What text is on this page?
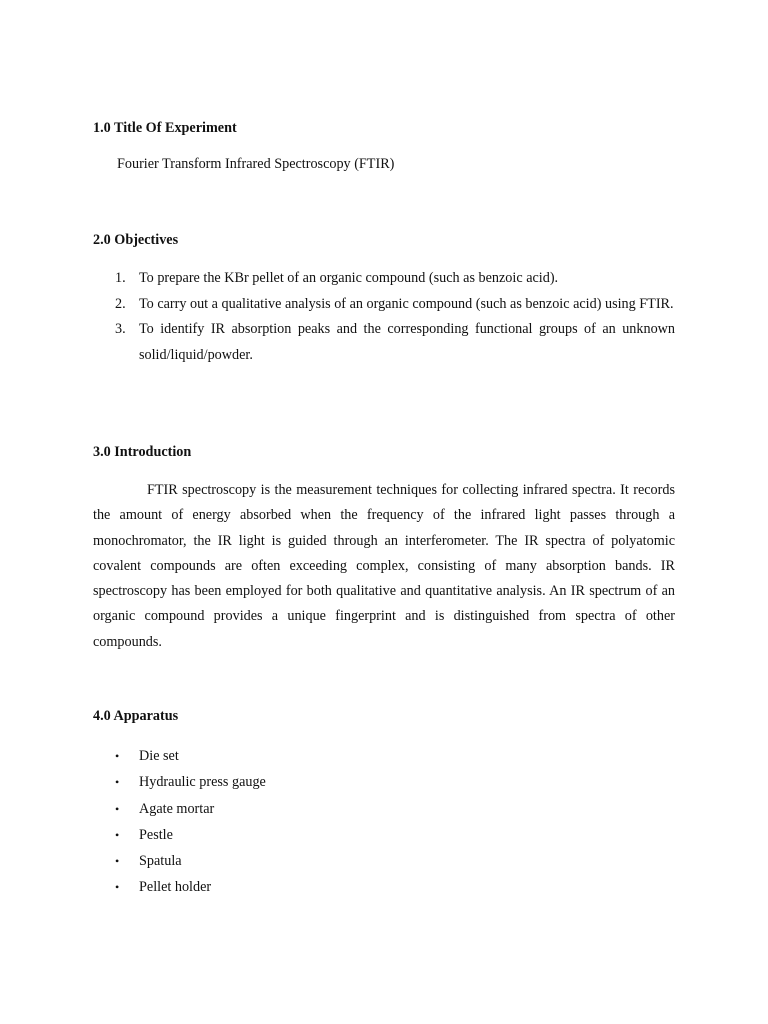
1.0 Title Of Experiment

Fourier Transform Infrared Spectroscopy (FTIR)

2.0 Objectives
1. To prepare the KBr pellet of an organic compound (such as benzoic acid).
2. To carry out a qualitative analysis of an organic compound (such as benzoic acid) using FTIR.
3. To identify IR absorption peaks and the corresponding functional groups of an unknown solid/liquid/powder.
3.0 Introduction

FTIR spectroscopy is the measurement techniques for collecting infrared spectra. It records the amount of energy absorbed when the frequency of the infrared light passes through a monochromator, the IR light is guided through an interferometer. The IR spectra of polyatomic covalent compounds are often exceeding complex, consisting of many absorption bands. IR spectroscopy has been employed for both qualitative and quantitative analysis. An IR spectrum of an organic compound provides a unique fingerprint and is distinguished from spectra of other compounds.

4.0 Apparatus
• Die set
• Hydraulic press gauge
• Agate mortar
• Pestle
• Spatula
• Pellet holder
